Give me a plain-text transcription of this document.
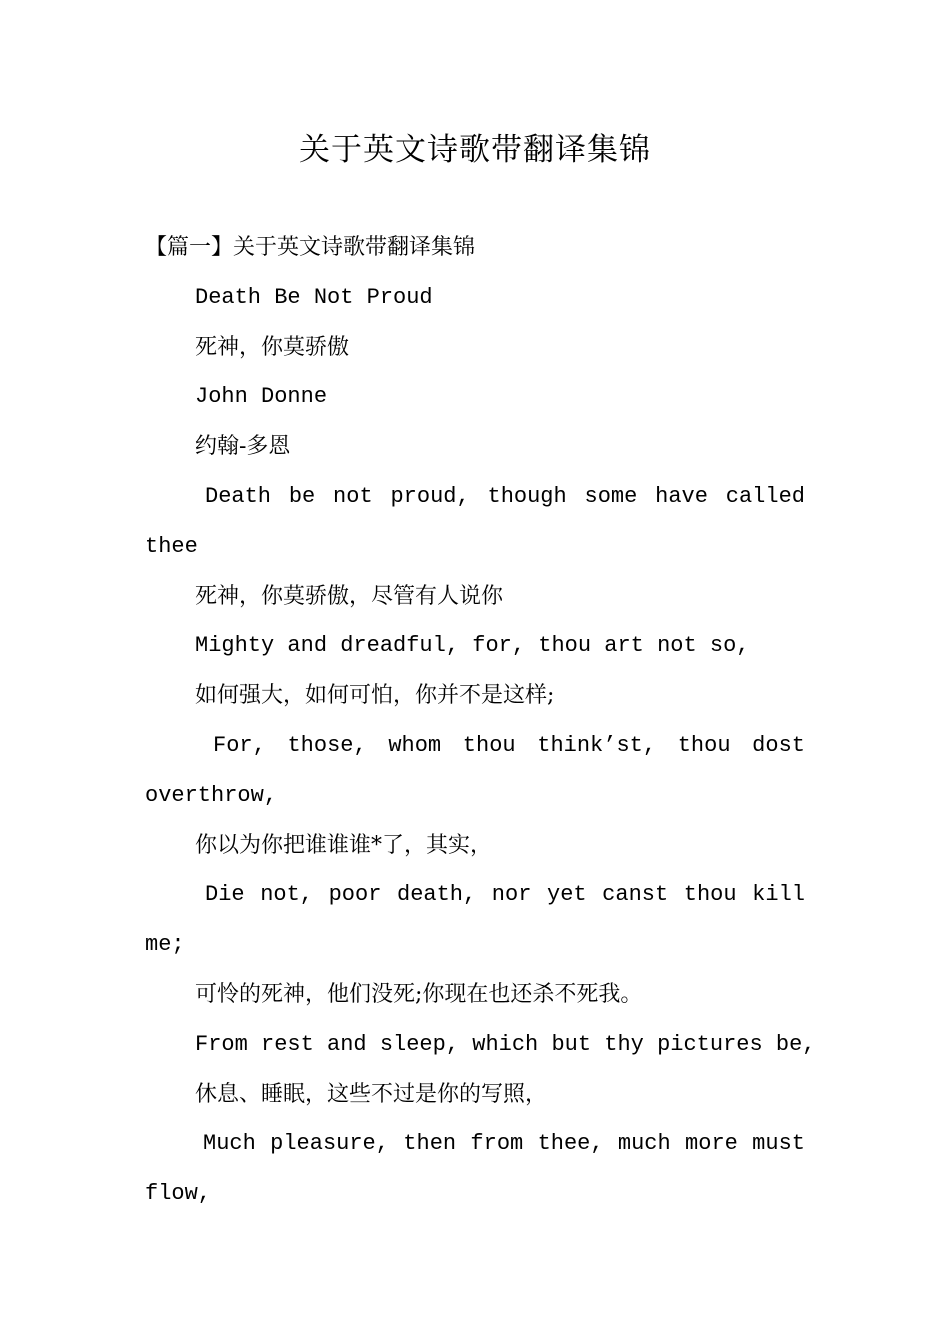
关于英文诗歌带翻译集锦
【篇一】关于英文诗歌带翻译集锦
Death Be Not Proud
死神，你莫骄傲
John Donne
约翰-多恩
Death be not proud, though some have called
thee
死神，你莫骄傲，尽管有人说你
Mighty and dreadful, for, thou art not so,
如何强大，如何可怕，你并不是这样;
For, those, whom thou think’st, thou dost
overthrow,
你以为你把谁谁谁*了，其实，
Die not, poor death, nor yet canst thou kill
me;
可怜的死神，他们没死;你现在也还杀不死我。
From rest and sleep, which but thy pictures be,
休息、睡眠，这些不过是你的写照，
Much pleasure, then from thee, much more must
flow,
